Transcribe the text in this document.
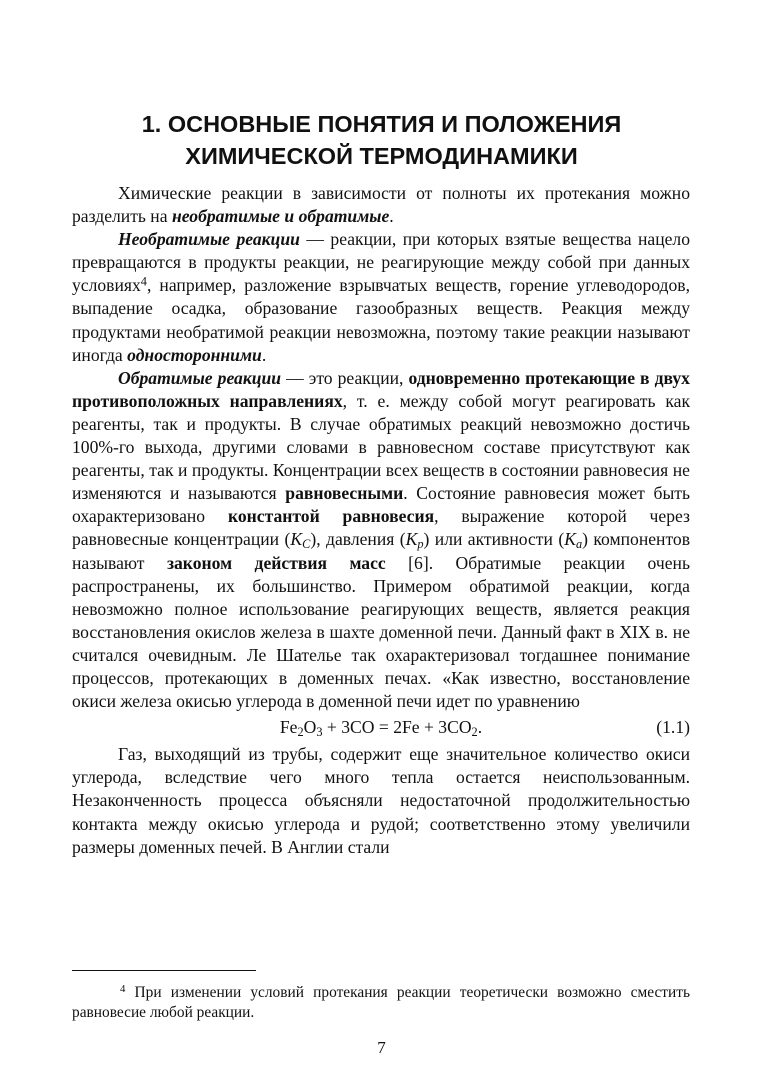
1. ОСНОВНЫЕ ПОНЯТИЯ И ПОЛОЖЕНИЯ
ХИМИЧЕСКОЙ ТЕРМОДИНАМИКИ

Химические реакции в зависимости от полноты их протекания можно разделить на необратимые и обратимые.

Необратимые реакции — реакции, при которых взятые вещества нацело превращаются в продукты реакции, не реагирующие между собой при данных условиях$^4$, например, разложение взрывчатых веществ, горение углеводородов, выпадение осадка, образование газообразных веществ. Реакция между продуктами необратимой реакции невозможна, поэтому такие реакции называют иногда односторонними.

Обратимые реакции — это реакции, одновременно протекающие в двух противоположных направлениях, т. е. между собой могут реагировать как реагенты, так и продукты. В случае обратимых реакций невозможно достичь 100%-го выхода, другими словами в равновесном составе присутствуют как реагенты, так и продукты. Концентрации всех веществ в состоянии равновесия не изменяются и называются равновесными. Состояние равновесия может быть охарактеризовано константой равновесия, выражение которой через равновесные концентрации $(K_C)$, давления $(K_p)$ или активности $(K_a)$ компонентов называют законом действия масс [6]. Обратимые реакции очень распространены, их большинство. Примером обратимой реакции, когда невозможно полное использование реагирующих веществ, является реакция восстановления окислов железа в шахте доменной печи. Данный факт в XIX в. не считался очевидным. Ле Шателье так охарактеризовал тогдашнее понимание процессов, протекающих в доменных печах. «Как известно, восстановление окиси железа окисью углерода в доменной печи идет по уравнению

$Fe_2O_3 + 3CO = 2Fe + 3CO_2$.	(1.1)

Газ, выходящий из трубы, содержит еще значительное количество окиси углерода, вследствие чего много тепла остается неиспользованным. Незаконченность процесса объясняли недостаточной продолжительностью контакта между окисью углерода и рудой; соответственно этому увеличили размеры доменных печей. В Англии стали

$^4$ При изменении условий протекания реакции теоретически возможно сместить равновесие любой реакции.

7
